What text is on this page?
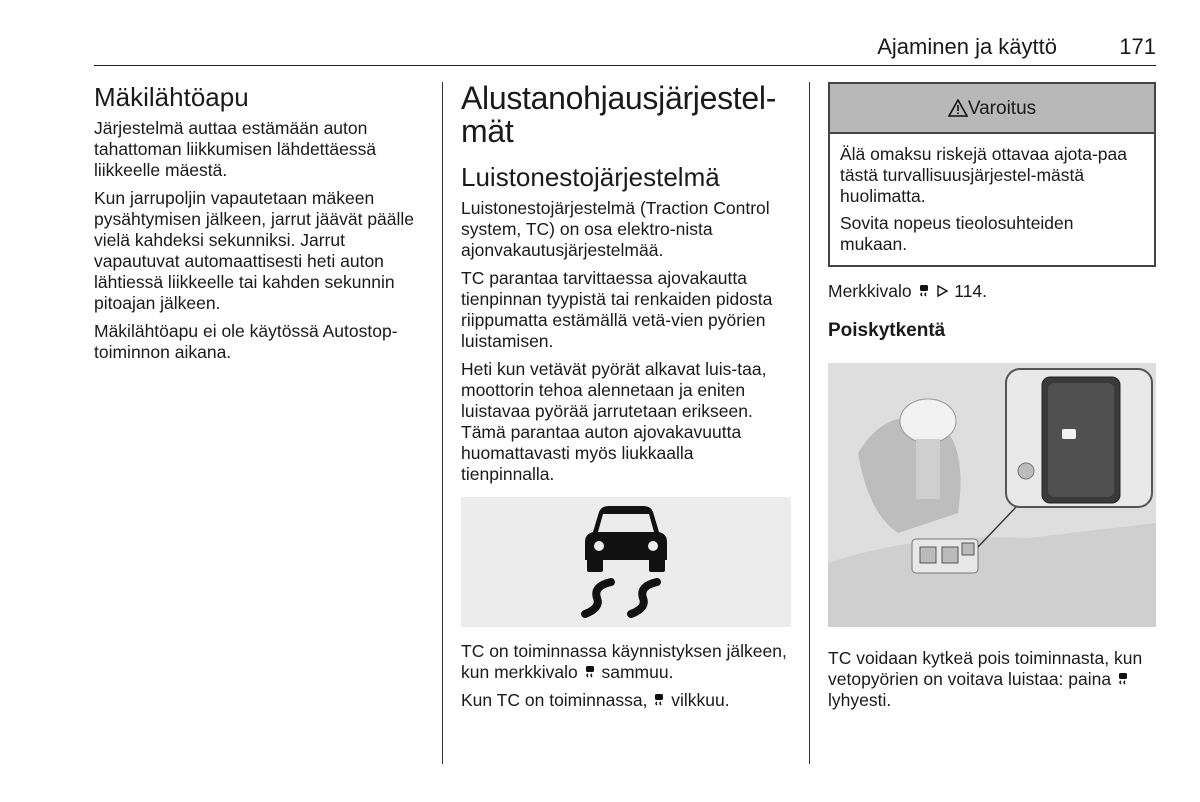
Ajaminen ja käyttö	171
Mäkilähtöapu

Järjestelmä auttaa estämään auton tahattoman liikkumisen lähdettäessä liikkeelle mäestä.

Kun jarrupoljin vapautetaan mäkeen pysähtymisen jälkeen, jarrut jäävät päälle vielä kahdeksi sekunniksi. Jarrut vapautuvat automaattisesti heti auton lähtiessä liikkeelle tai kahden sekunnin pitoajan jälkeen.

Mäkilähtöapu ei ole käytössä Autostop-toiminnon aikana.

Alustanohjausjärjestel-mät
Luistonestojärjestelmä

Luistonestojärjestelmä (Traction Control system, TC) on osa elektro-nista ajonvakautusjärjestelmää.

TC parantaa tarvittaessa ajovakautta tienpinnan tyypistä tai renkaiden pidosta riippumatta estämällä vetä-vien pyörien luistamisen.

Heti kun vetävät pyörät alkavat luis-taa, moottorin tehoa alennetaan ja eniten luistavaa pyörää jarrutetaan erikseen. Tämä parantaa auton ajovakavuutta huomattavasti myös liukkaalla tienpinnalla.

TC on toiminnassa käynnistyksen jälkeen, kun merkkivalo sammuu.

Kun TC on toiminnassa, vilkkuu.

Varoitus

Älä omaksu riskejä ottavaa ajota-paa tästä turvallisuusjärjestel-mästä huolimatta.

Sovita nopeus tieolosuhteiden mukaan.

Merkkivalo 114.

Poiskytkentä

TC voidaan kytkeä pois toiminnasta, kun vetopyörien on voitava luistaa: paina  lyhyesti.
